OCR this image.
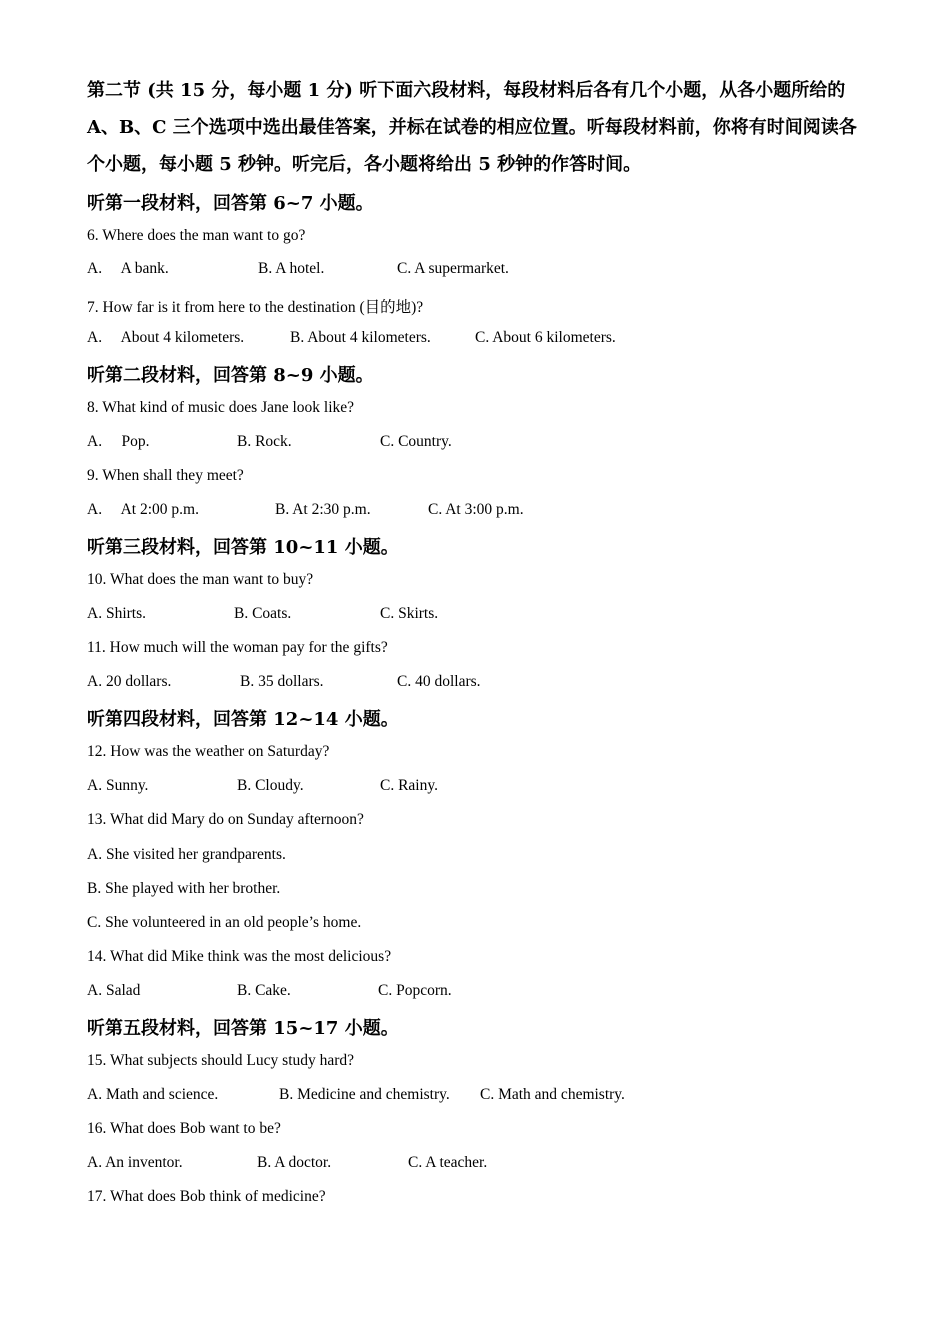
第二节 (共 15 分，每小题 1 分) 听下面六段材料，每段材料后各有几个小题，从各小题所给的 A、B、C 三个选项中选出最佳答案，并标在试卷的相应位置。听每段材料前，你将有时间阅读各个小题，每小题 5 秒钟。听完后，各小题将给出 5 秒钟的作答时间。

听第一段材料，回答第 6~7 小题。
6. Where does the man want to go?
A.  A bank.	B. A hotel.	C. A supermarket.
7. How far is it from here to the destination (目的地)?
A.  About 4 kilometers.	B. About 4 kilometers.	C. About 6 kilometers.
听第二段材料，回答第 8~9 小题。
8. What kind of music does Jane look like?
A.  Pop.	B. Rock.	C. Country.
9. When shall they meet?
A.  At 2:00 p.m.	B. At 2:30 p.m.	C. At 3:00 p.m.
听第三段材料，回答第 10~11 小题。
10. What does the man want to buy?
A. Shirts.	B. Coats.	C. Skirts.
11. How much will the woman pay for the gifts?
A. 20 dollars.	B. 35 dollars.	C. 40 dollars.
听第四段材料，回答第 12~14 小题。
12. How was the weather on Saturday?
A. Sunny.	B. Cloudy.	C. Rainy.
13. What did Mary do on Sunday afternoon?
A. She visited her grandparents.
B. She played with her brother.
C. She volunteered in an old people’s home.
14. What did Mike think was the most delicious?
A. Salad	B. Cake.	C. Popcorn.
听第五段材料，回答第 15~17 小题。
15. What subjects should Lucy study hard?
A. Math and science.	B. Medicine and chemistry. C. Math and chemistry.
16. What does Bob want to be?
A. An inventor.	B. A doctor.	C. A teacher.
17. What does Bob think of medicine?
